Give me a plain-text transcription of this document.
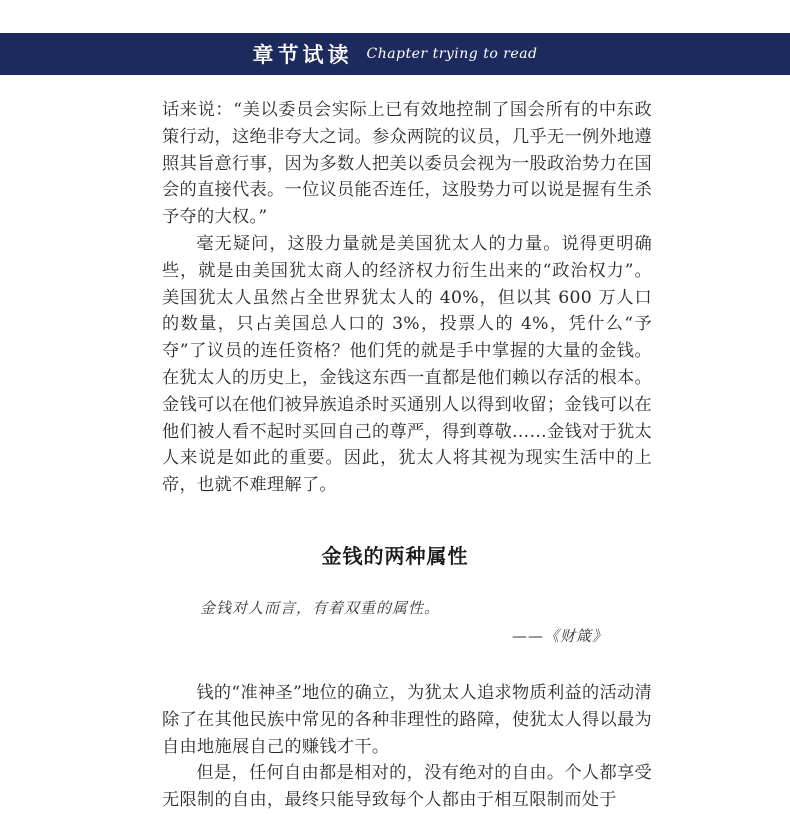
章节试读 Chapter trying to read

话来说：“美以委员会实际上已有效地控制了国会所有的中东政策行动，这绝非夸大之词。参众两院的议员，几乎无一例外地遵照其旨意行事，因为多数人把美以委员会视为一股政治势力在国会的直接代表。一位议员能否连任，这股势力可以说是握有生杀予夺的大权。”

毫无疑问，这股力量就是美国犹太人的力量。说得更明确些，就是由美国犹太商人的经济权力衍生出来的“政治权力”。美国犹太人虽然占全世界犹太人的 40%，但以其 600 万人口的数量，只占美国总人口的 3%，投票人的 4%，凭什么“予夺”了议员的连任资格？他们凭的就是手中掌握的大量的金钱。在犹太人的历史上，金钱这东西一直都是他们赖以存活的根本。金钱可以在他们被异族追杀时买通别人以得到收留；金钱可以在他们被人看不起时买回自己的尊严，得到尊敬……金钱对于犹太人来说是如此的重要。因此，犹太人将其视为现实生活中的上帝，也就不难理解了。

金钱的两种属性
金钱对人而言，有着双重的属性。
——《财箴》

钱的“准神圣”地位的确立，为犹太人追求物质利益的活动清除了在其他民族中常见的各种非理性的路障，使犹太人得以最为自由地施展自己的赚钱才干。

但是，任何自由都是相对的，没有绝对的自由。个人都享受无限制的自由，最终只能导致每个人都由于相互限制而处于
